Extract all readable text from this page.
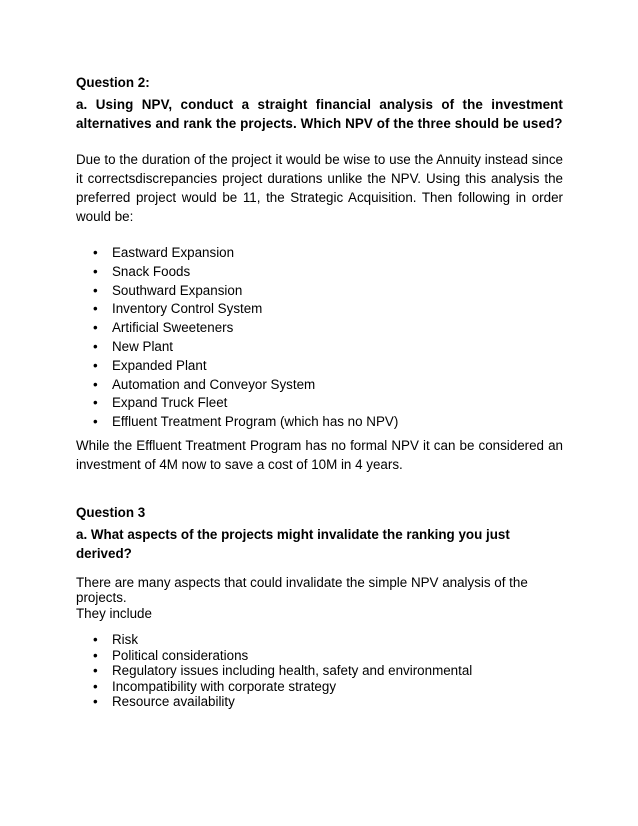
Question 2:

a. Using NPV, conduct a straight financial analysis of the investment alternatives and rank the projects. Which NPV of the three should be used?

Due to the duration of the project it would be wise to use the Annuity instead since it correctsdiscrepancies project durations unlike the NPV. Using this analysis the preferred project would be 11, the Strategic Acquisition. Then following in order would be:

• Eastward Expansion
• Snack Foods
• Southward Expansion
• Inventory Control System
• Artificial Sweeteners
• New Plant
• Expanded Plant
• Automation and Conveyor System
• Expand Truck Fleet
• Effluent Treatment Program (which has no NPV)

While the Effluent Treatment Program has no formal NPV it can be considered an investment of 4M now to save a cost of 10M in 4 years.

Question 3

a. What aspects of the projects might invalidate the ranking you just derived?

There are many aspects that could invalidate the simple NPV analysis of the projects.
They include

• Risk
• Political considerations
• Regulatory issues including health, safety and environmental
• Incompatibility with corporate strategy
• Resource availability
